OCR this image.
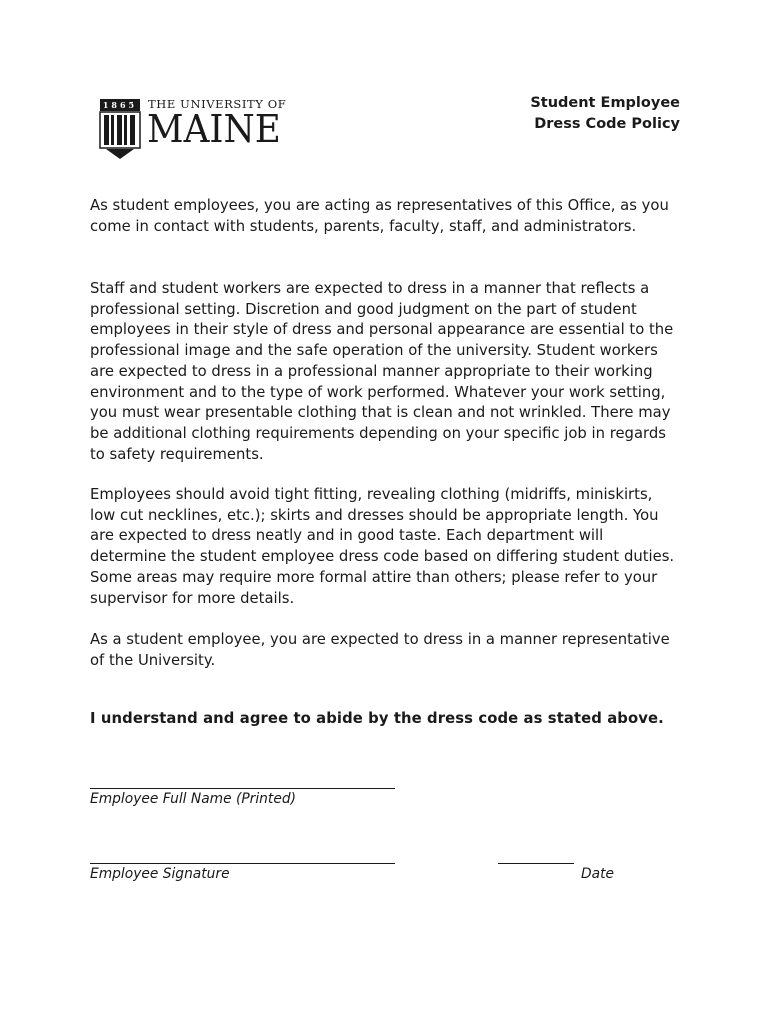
1865 THE UNIVERSITY OF
MAINE
Student Employee
Dress Code Policy

As student employees, you are acting as representatives of this Office, as you come in contact with students, parents, faculty, staff, and administrators.

Staff and student workers are expected to dress in a manner that reflects a professional setting. Discretion and good judgment on the part of student employees in their style of dress and personal appearance are essential to the professional image and the safe operation of the university. Student workers are expected to dress in a professional manner appropriate to their working environment and to the type of work performed. Whatever your work setting, you must wear presentable clothing that is clean and not wrinkled. There may be additional clothing requirements depending on your specific job in regards to safety requirements.

Employees should avoid tight fitting, revealing clothing (midriffs, miniskirts, low cut necklines, etc.); skirts and dresses should be appropriate length. You are expected to dress neatly and in good taste. Each department will determine the student employee dress code based on differing student duties. Some areas may require more formal attire than others; please refer to your supervisor for more details.

As a student employee, you are expected to dress in a manner representative of the University.

I understand and agree to abide by the dress code as stated above.

Employee Full Name (Printed)
Employee Signature	Date
